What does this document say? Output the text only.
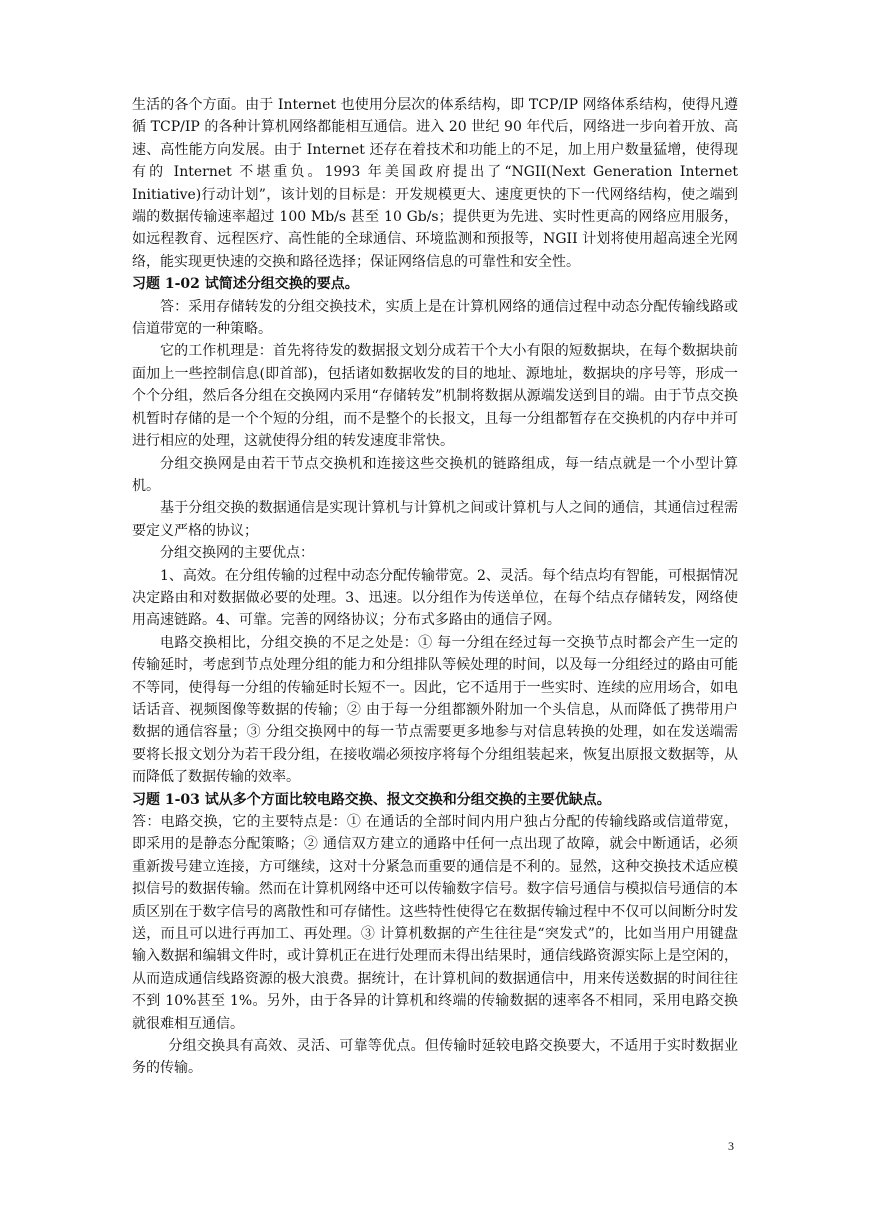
生活的各个方面。由于 Internet 也使用分层次的体系结构，即 TCP/IP 网络体系结构，使得凡遵循 TCP/IP 的各种计算机网络都能相互通信。进入 20 世纪 90 年代后，网络进一步向着开放、高速、高性能方向发展。由于 Internet 还存在着技术和功能上的不足，加上用户数量猛增，使得现有的 Internet 不堪重负。1993 年美国政府提出了“NGII(Next Generation Internet Initiative)行动计划”，该计划的目标是：开发规模更大、速度更快的下一代网络结构，使之端到端的数据传输速率超过 100 Mb/s 甚至 10 Gb/s；提供更为先进、实时性更高的网络应用服务，如远程教育、远程医疗、高性能的全球通信、环境监测和预报等，NGII 计划将使用超高速全光网络，能实现更快速的交换和路径选择；保证网络信息的可靠性和安全性。

习题 1-02 试简述分组交换的要点。

答：采用存储转发的分组交换技术，实质上是在计算机网络的通信过程中动态分配传输线路或信道带宽的一种策略。

它的工作机理是：首先将待发的数据报文划分成若干个大小有限的短数据块，在每个数据块前面加上一些控制信息(即首部)，包括诸如数据收发的目的地址、源地址，数据块的序号等，形成一个个分组，然后各分组在交换网内采用“存储转发”机制将数据从源端发送到目的端。由于节点交换机暂时存储的是一个个短的分组，而不是整个的长报文，且每一分组都暂存在交换机的内存中并可进行相应的处理，这就使得分组的转发速度非常快。

分组交换网是由若干节点交换机和连接这些交换机的链路组成，每一结点就是一个小型计算机。

基于分组交换的数据通信是实现计算机与计算机之间或计算机与人之间的通信，其通信过程需要定义严格的协议；

分组交换网的主要优点：

1、高效。在分组传输的过程中动态分配传输带宽。2、灵活。每个结点均有智能，可根据情况决定路由和对数据做必要的处理。3、迅速。以分组作为传送单位，在每个结点存储转发，网络使用高速链路。4、可靠。完善的网络协议；分布式多路由的通信子网。

电路交换相比，分组交换的不足之处是：① 每一分组在经过每一交换节点时都会产生一定的传输延时，考虑到节点处理分组的能力和分组排队等候处理的时间，以及每一分组经过的路由可能不等同，使得每一分组的传输延时长短不一。因此，它不适用于一些实时、连续的应用场合，如电话话音、视频图像等数据的传输；② 由于每一分组都额外附加一个头信息，从而降低了携带用户数据的通信容量；③ 分组交换网中的每一节点需要更多地参与对信息转换的处理，如在发送端需要将长报文划分为若干段分组，在接收端必须按序将每个分组组装起来，恢复出原报文数据等，从而降低了数据传输的效率。

习题 1-03 试从多个方面比较电路交换、报文交换和分组交换的主要优缺点。

答：电路交换，它的主要特点是：① 在通话的全部时间内用户独占分配的传输线路或信道带宽，即采用的是静态分配策略；② 通信双方建立的通路中任何一点出现了故障，就会中断通话，必须重新拨号建立连接，方可继续，这对十分紧急而重要的通信是不利的。显然，这种交换技术适应模拟信号的数据传输。然而在计算机网络中还可以传输数字信号。数字信号通信与模拟信号通信的本质区别在于数字信号的离散性和可存储性。这些特性使得它在数据传输过程中不仅可以间断分时发送，而且可以进行再加工、再处理。③ 计算机数据的产生往往是“突发式”的，比如当用户用键盘输入数据和编辑文件时，或计算机正在进行处理而未得出结果时，通信线路资源实际上是空闲的，从而造成通信线路资源的极大浪费。据统计，在计算机间的数据通信中，用来传送数据的时间往往不到 10%甚至 1%。另外，由于各异的计算机和终端的传输数据的速率各不相同，采用电路交换就很难相互通信。

分组交换具有高效、灵活、可靠等优点。但传输时延较电路交换要大，不适用于实时数据业务的传输。

3
